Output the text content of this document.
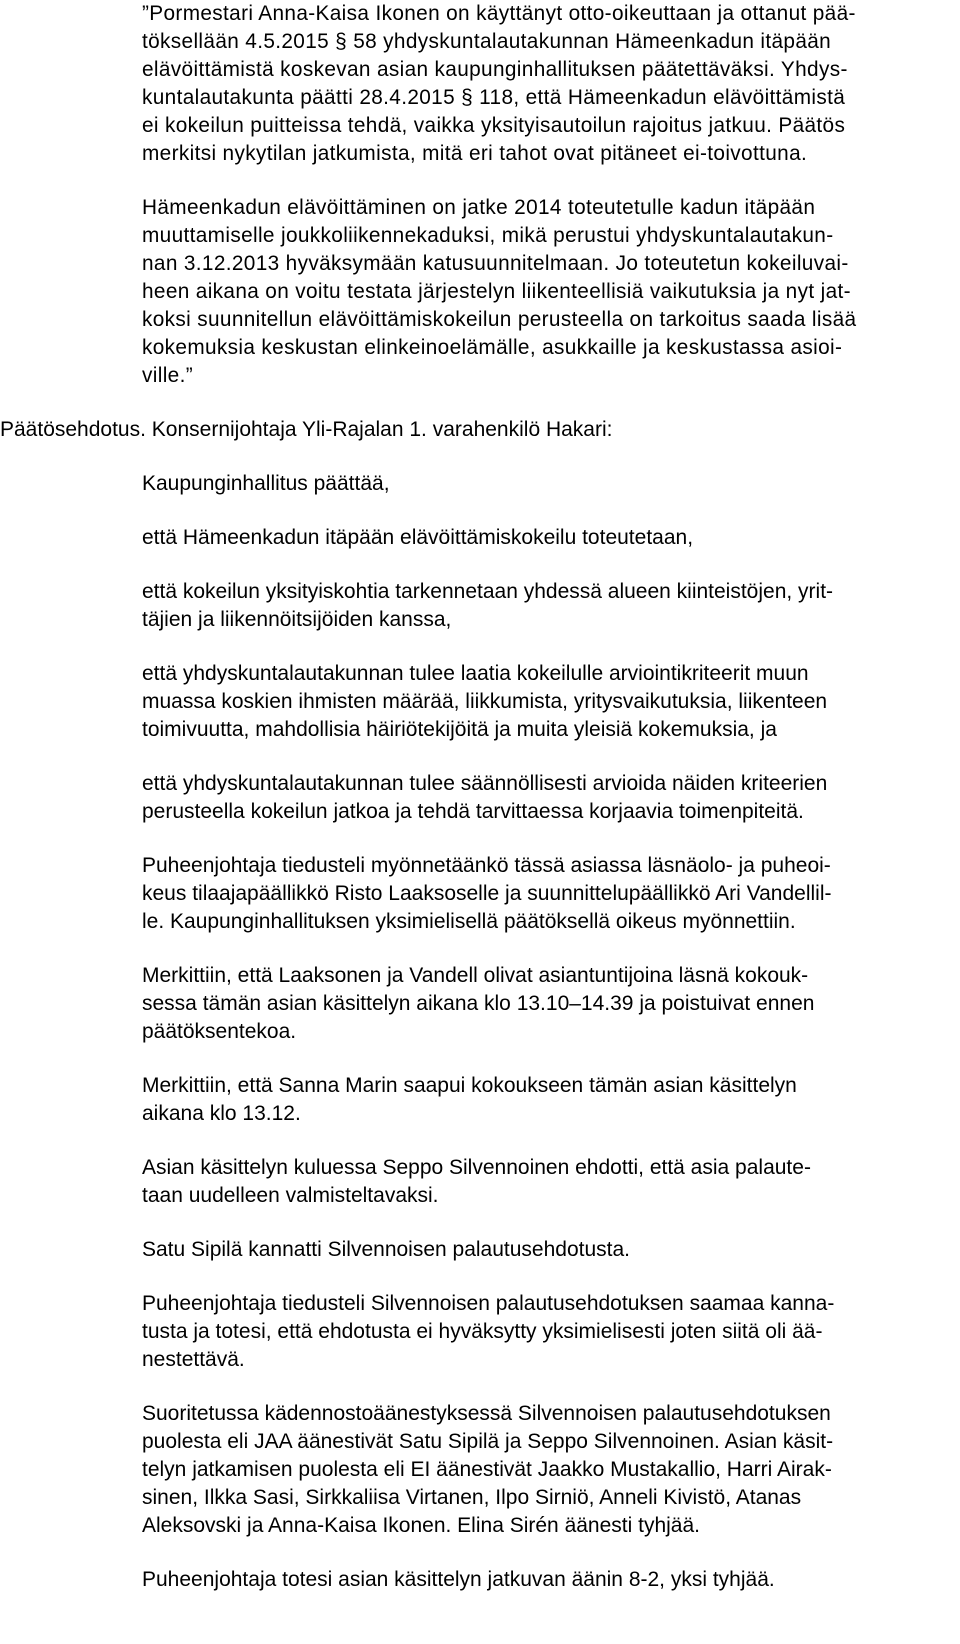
”Pormestari Anna-Kaisa Ikonen on käyttänyt otto-oikeuttaan ja ottanut pää-
töksellään 4.5.2015 § 58 yhdyskuntalautakunnan Hämeenkadun itäpään
elävöittämistä koskevan asian kaupunginhallituksen päätettäväksi. Yhdys-
kuntalautakunta päätti 28.4.2015 § 118, että Hämeenkadun elävöittämistä
ei kokeilun puitteissa tehdä, vaikka yksityisautoilun rajoitus jatkuu. Päätös
merkitsi nykytilan jatkumista, mitä eri tahot ovat pitäneet ei-toivottuna.
Hämeenkadun elävöittäminen on jatke 2014 toteutetulle kadun itäpään
muuttamiselle joukkoliikennekaduksi, mikä perustui yhdyskuntalautakun-
nan 3.12.2013 hyväksymään katusuunnitelmaan. Jo toteutetun kokeiluvai-
heen aikana on voitu testata järjestelyn liikenteellisiä vaikutuksia ja nyt jat-
koksi suunnitellun elävöittämiskokeilun perusteella on tarkoitus saada lisää
kokemuksia keskustan elinkeinoelämälle, asukkaille ja keskustassa asioi-
ville.”
Päätösehdotus. Konsernijohtaja Yli-Rajalan 1. varahenkilö Hakari:
Kaupunginhallitus päättää,
että Hämeenkadun itäpään elävöittämiskokeilu toteutetaan,
että kokeilun yksityiskohtia tarkennetaan yhdessä alueen kiinteistöjen, yrit-
täjien ja liikennöitsijöiden kanssa,
että yhdyskuntalautakunnan tulee laatia kokeilulle arviointikriteerit muun
muassa koskien ihmisten määrää, liikkumista, yritysvaikutuksia, liikenteen
toimivuutta, mahdollisia häiriötekijöitä ja muita yleisiä kokemuksia, ja
että yhdyskuntalautakunnan tulee säännöllisesti arvioida näiden kriteerien
perusteella kokeilun jatkoa ja tehdä tarvittaessa korjaavia toimenpiteitä.
Puheenjohtaja tiedusteli myönnetäänkö tässä asiassa läsnäolo- ja puheoi-
keus tilaajapäällikkö Risto Laaksoselle ja suunnittelupäällikkö Ari Vandellil-
le. Kaupunginhallituksen yksimielisellä päätöksellä oikeus myönnettiin.
Merkittiin, että Laaksonen ja Vandell olivat asiantuntijoina läsnä kokouk-
sessa tämän asian käsittelyn aikana klo 13.10–14.39 ja poistuivat ennen
päätöksentekoa.
Merkittiin, että Sanna Marin saapui kokoukseen tämän asian käsittelyn
aikana klo 13.12.
Asian käsittelyn kuluessa Seppo Silvennoinen ehdotti, että asia palaute-
taan uudelleen valmisteltavaksi.
Satu Sipilä kannatti Silvennoisen palautusehdotusta.
Puheenjohtaja tiedusteli Silvennoisen palautusehdotuksen saamaa kanna-
tusta ja totesi, että ehdotusta ei hyväksytty yksimielisesti joten siitä oli ää-
nestettävä.
Suoritetussa kädennostoäänestyksessä Silvennoisen palautusehdotuksen
puolesta eli JAA äänestivät Satu Sipilä ja Seppo Silvennoinen. Asian käsit-
telyn jatkamisen puolesta eli EI äänestivät Jaakko Mustakallio, Harri Airak-
sinen, Ilkka Sasi, Sirkkaliisa Virtanen, Ilpo Sirniö, Anneli Kivistö, Atanas
Aleksovski ja Anna-Kaisa Ikonen. Elina Sirén äänesti tyhjää.
Puheenjohtaja totesi asian käsittelyn jatkuvan äänin 8-2, yksi tyhjää.
